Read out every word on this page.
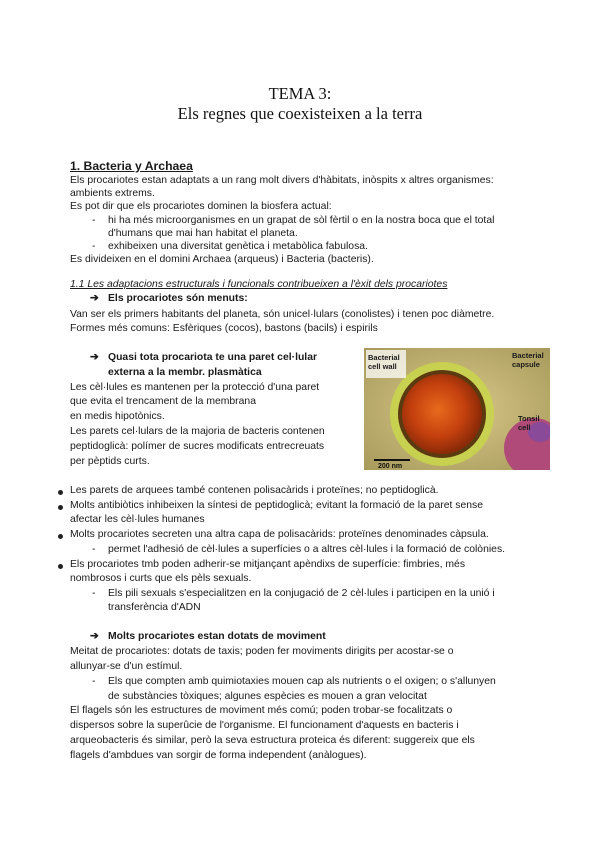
TEMA 3:
Els regnes que coexisteixen a la terra
1. Bacteria y Archaea
Els procariotes estan adaptats a un rang molt divers d'hàbitats, inòspits x altres organismes:
ambients extrems.
Es pot dir que els procariotes dominen la biosfera actual:
- hi ha més microorganismes en un grapat de sòl fèrtil o en la nostra boca que el total
d'humans que mai han habitat el planeta.
- exhibeixen una diversitat genètica i metabòlica fabulosa.
Es divideixen en el domini Archaea (arqueus) i Bacteria (bacteris).
1.1 Les adaptacions estructurals i funcionals contribueixen a l'èxit dels procariotes
➔ Els procariotes són menuts:
Van ser els primers habitants del planeta, són unicel·lulars (conolistes) i tenen poc diàmetre.
Formes més comuns: Esfèriques (cocos), bastons (bacils) i espirils
➔ Quasi tota procariota te una paret cel·lular
externa a la membr. plasmàtica
Les cèl·lules es mantenen per la protecció d'una paret
que evita el trencament de la membrana
en medis hipotònics.
Les parets cel·lulars de la majoria de bacteris contenen
peptidoglicà: polímer de sucres modificats entrecreuats
per pèptids curts.
Bacterial
cell wall
Bacterial
capsule
Tonsil
cell
200 nm
Les parets de arquees també contenen polisacàrids i proteïnes; no peptidoglicà.
Molts antibiòtics inhibeixen la síntesi de peptidoglicà; evitant la formació de la paret sense
afectar les cèl·lules humanes
Molts procariotes secreten una altra capa de polisacàrids: proteïnes denominades càpsula.
- permet l'adhesió de cèl·lules a superfícies o a altres cèl·lules i la formació de colònies.
Els procariotes tmb poden adherir-se mitjançant apèndixs de superfície: fimbries, més
nombrosos i curts que els pèls sexuals.
- Els pili sexuals s'especialitzen en la conjugació de 2 cèl·lules i participen en la unió i
transferència d'ADN
➔ Molts procariotes estan dotats de moviment
Meitat de procariotes: dotats de taxis; poden fer moviments dirigits per acostar-se o
allunyar-se d'un estímul.
- Els que compten amb quimiotaxies mouen cap als nutrients o el oxigen; o s'allunyen
de substàncies tòxiques; algunes espècies es mouen a gran velocitat
El flagels són les estructures de moviment més comú; poden trobar-se focalitzats o
dispersos sobre la superûcie de l'organisme. El funcionament d'aquests en bacteris i
arqueobacteris és similar, però la seva estructura proteica és diferent: suggereix que els
flagels d'ambdues van sorgir de forma independent (anàlogues).
